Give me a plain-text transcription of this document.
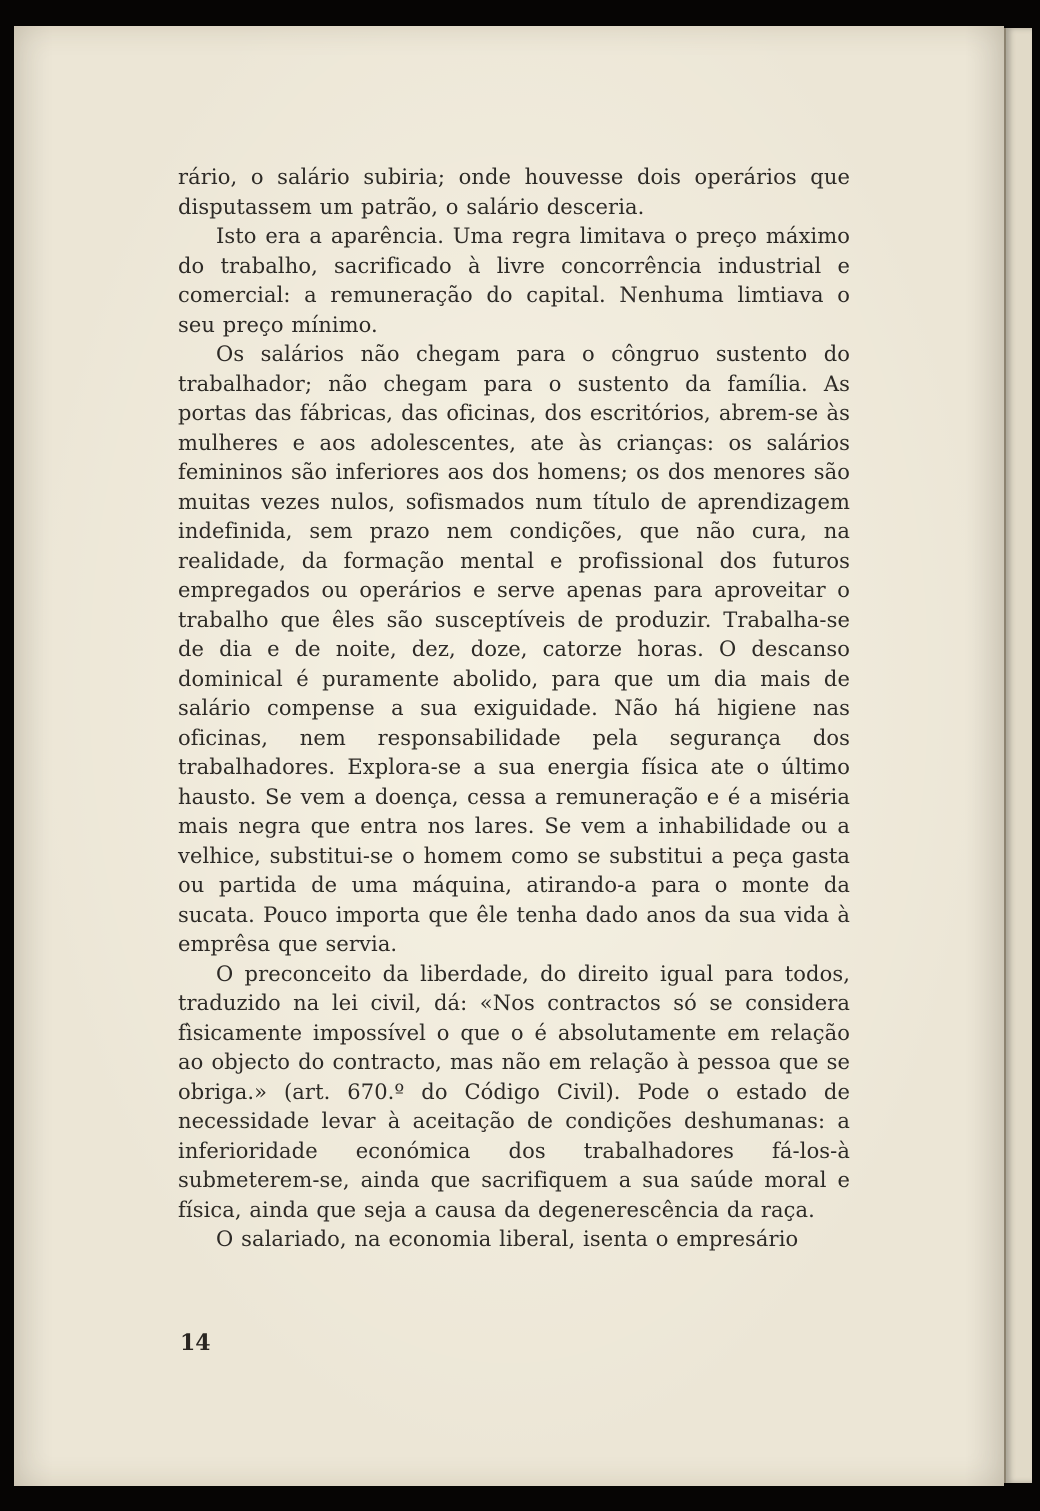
rário, o salário subiria; onde houvesse dois operários que disputassem um patrão, o salário desceria.

Isto era a aparência. Uma regra limitava o preço máximo do trabalho, sacrificado à livre concorrência industrial e comercial: a remuneração do capital. Nenhuma limtiava o seu preço mínimo.

Os salários não chegam para o côngruo sustento do trabalhador; não chegam para o sustento da família. As portas das fábricas, das oficinas, dos escritórios, abrem-se às mulheres e aos adolescentes, ate às crianças: os salários femininos são inferiores aos dos homens; os dos menores são muitas vezes nulos, sofismados num título de aprendizagem indefinida, sem prazo nem condições, que não cura, na realidade, da formação mental e profissional dos futuros empregados ou operários e serve apenas para aproveitar o trabalho que êles são susceptíveis de produzir. Trabalha-se de dia e de noite, dez, doze, catorze horas. O descanso dominical é puramente abolido, para que um dia mais de salário compense a sua exiguidade. Não há higiene nas oficinas, nem responsabilidade pela segurança dos trabalhadores. Explora-se a sua energia física ate o último hausto. Se vem a doença, cessa a remuneração e é a miséria mais negra que entra nos lares. Se vem a inhabilidade ou a velhice, substitui-se o homem como se substitui a peça gasta ou partida de uma máquina, atirando-a para o monte da sucata. Pouco importa que êle tenha dado anos da sua vida à emprêsa que servia.

O preconceito da liberdade, do direito igual para todos, traduzido na lei civil, dá: «Nos contractos só se considera fìsicamente impossível o que o é absolutamente em relação ao objecto do contracto, mas não em relação à pessoa que se obriga.» (art. 670.º do Código Civil). Pode o estado de necessidade levar à aceitação de condições deshumanas: a inferioridade económica dos trabalhadores fá-los-à submeterem-se, ainda que sacrifiquem a sua saúde moral e física, ainda que seja a causa da degenerescência da raça.

O salariado, na economia liberal, isenta o empresário

14
